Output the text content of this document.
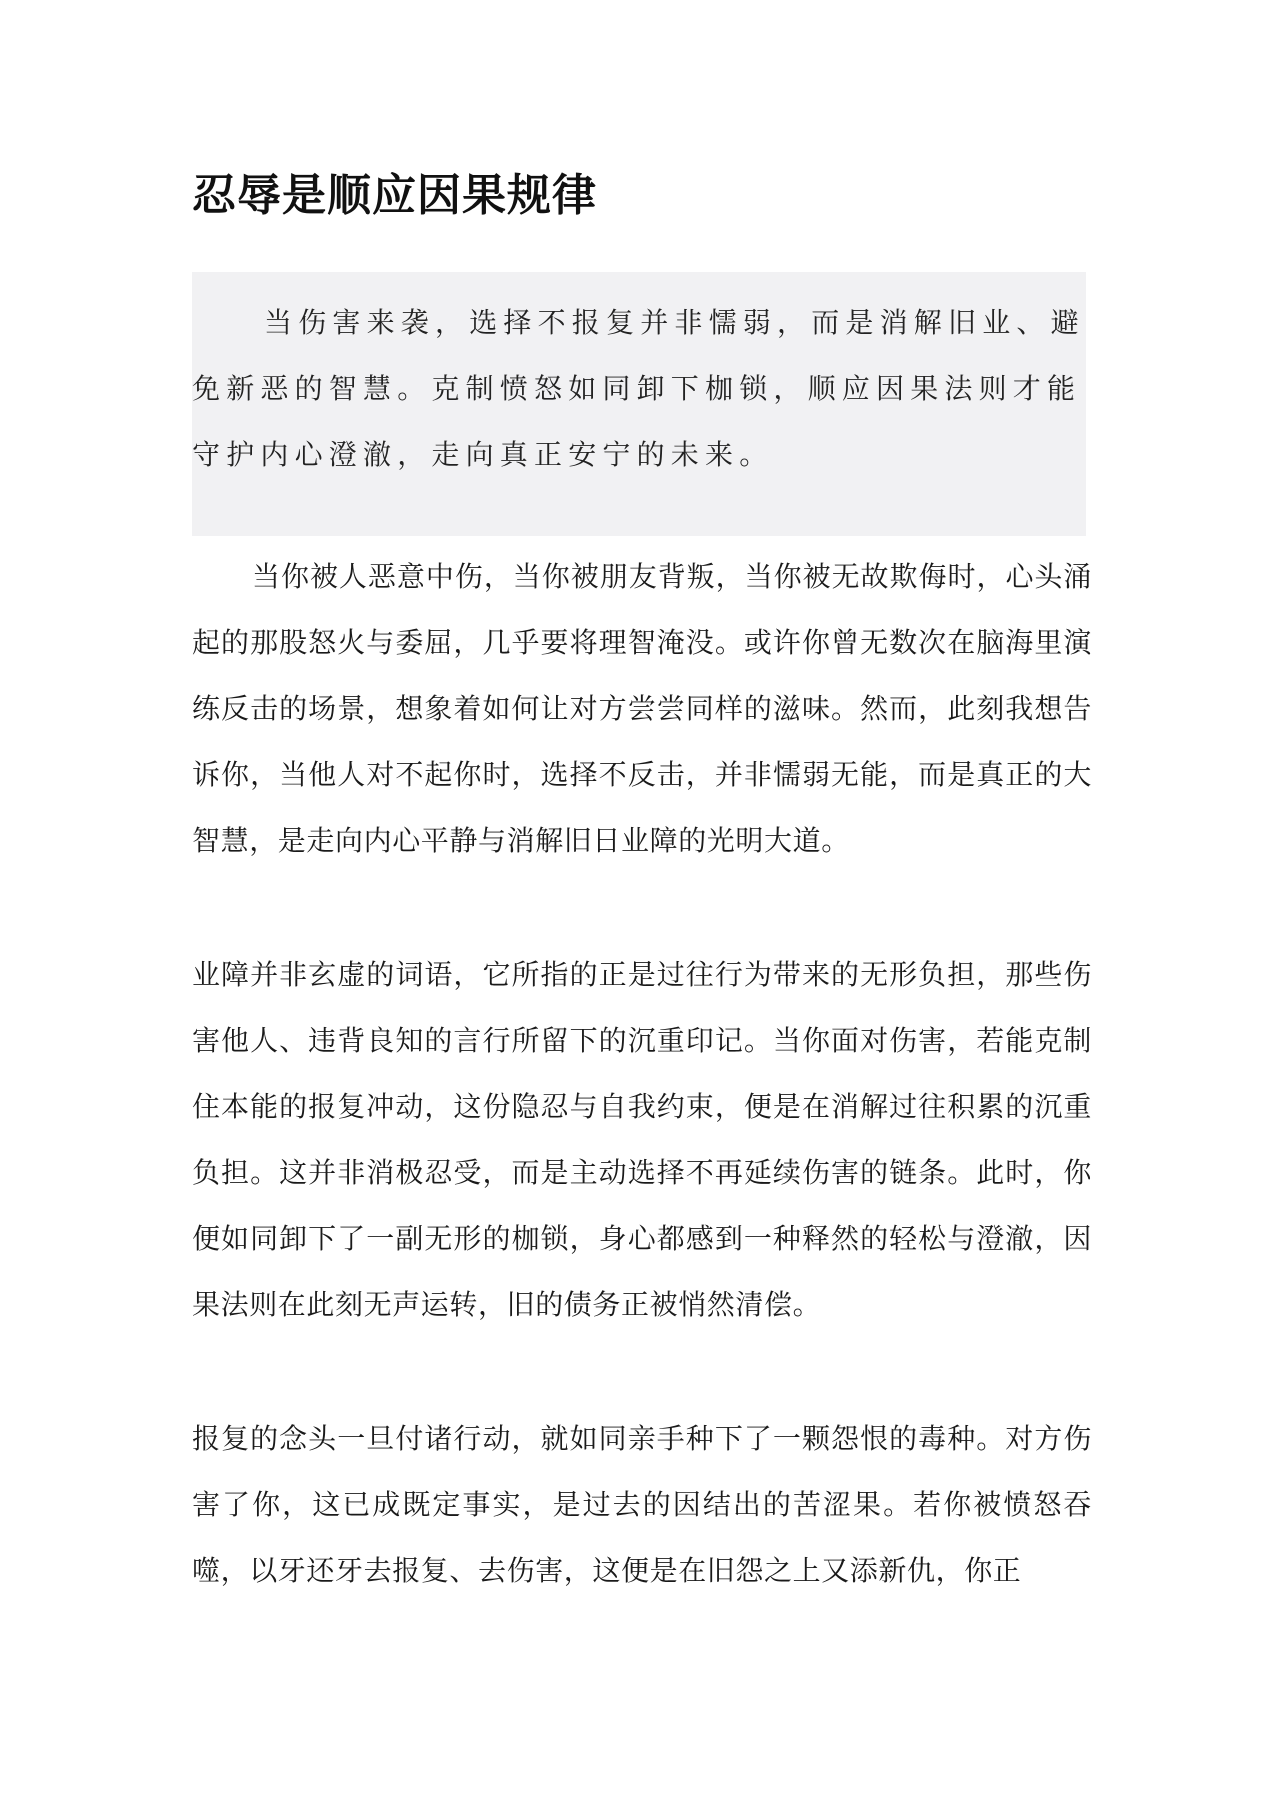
忍辱是顺应因果规律

当伤害来袭，选择不报复并非懦弱，而是消解旧业、避免新恶的智慧。克制愤怒如同卸下枷锁，顺应因果法则才能守护内心澄澈，走向真正安宁的未来。

当你被人恶意中伤，当你被朋友背叛，当你被无故欺侮时，心头涌起的那股怒火与委屈，几乎要将理智淹没。或许你曾无数次在脑海里演练反击的场景，想象着如何让对方尝尝同样的滋味。然而，此刻我想告诉你，当他人对不起你时，选择不反击，并非懦弱无能，而是真正的大智慧，是走向内心平静与消解旧日业障的光明大道。

业障并非玄虚的词语，它所指的正是过往行为带来的无形负担，那些伤害他人、违背良知的言行所留下的沉重印记。当你面对伤害，若能克制住本能的报复冲动，这份隐忍与自我约束，便是在消解过往积累的沉重负担。这并非消极忍受，而是主动选择不再延续伤害的链条。此时，你便如同卸下了一副无形的枷锁，身心都感到一种释然的轻松与澄澈，因果法则在此刻无声运转，旧的债务正被悄然清偿。

报复的念头一旦付诸行动，就如同亲手种下了一颗怨恨的毒种。对方伤害了你，这已成既定事实，是过去的因结出的苦涩果。若你被愤怒吞噬，以牙还牙去报复、去伤害，这便是在旧怨之上又添新仇，你正
